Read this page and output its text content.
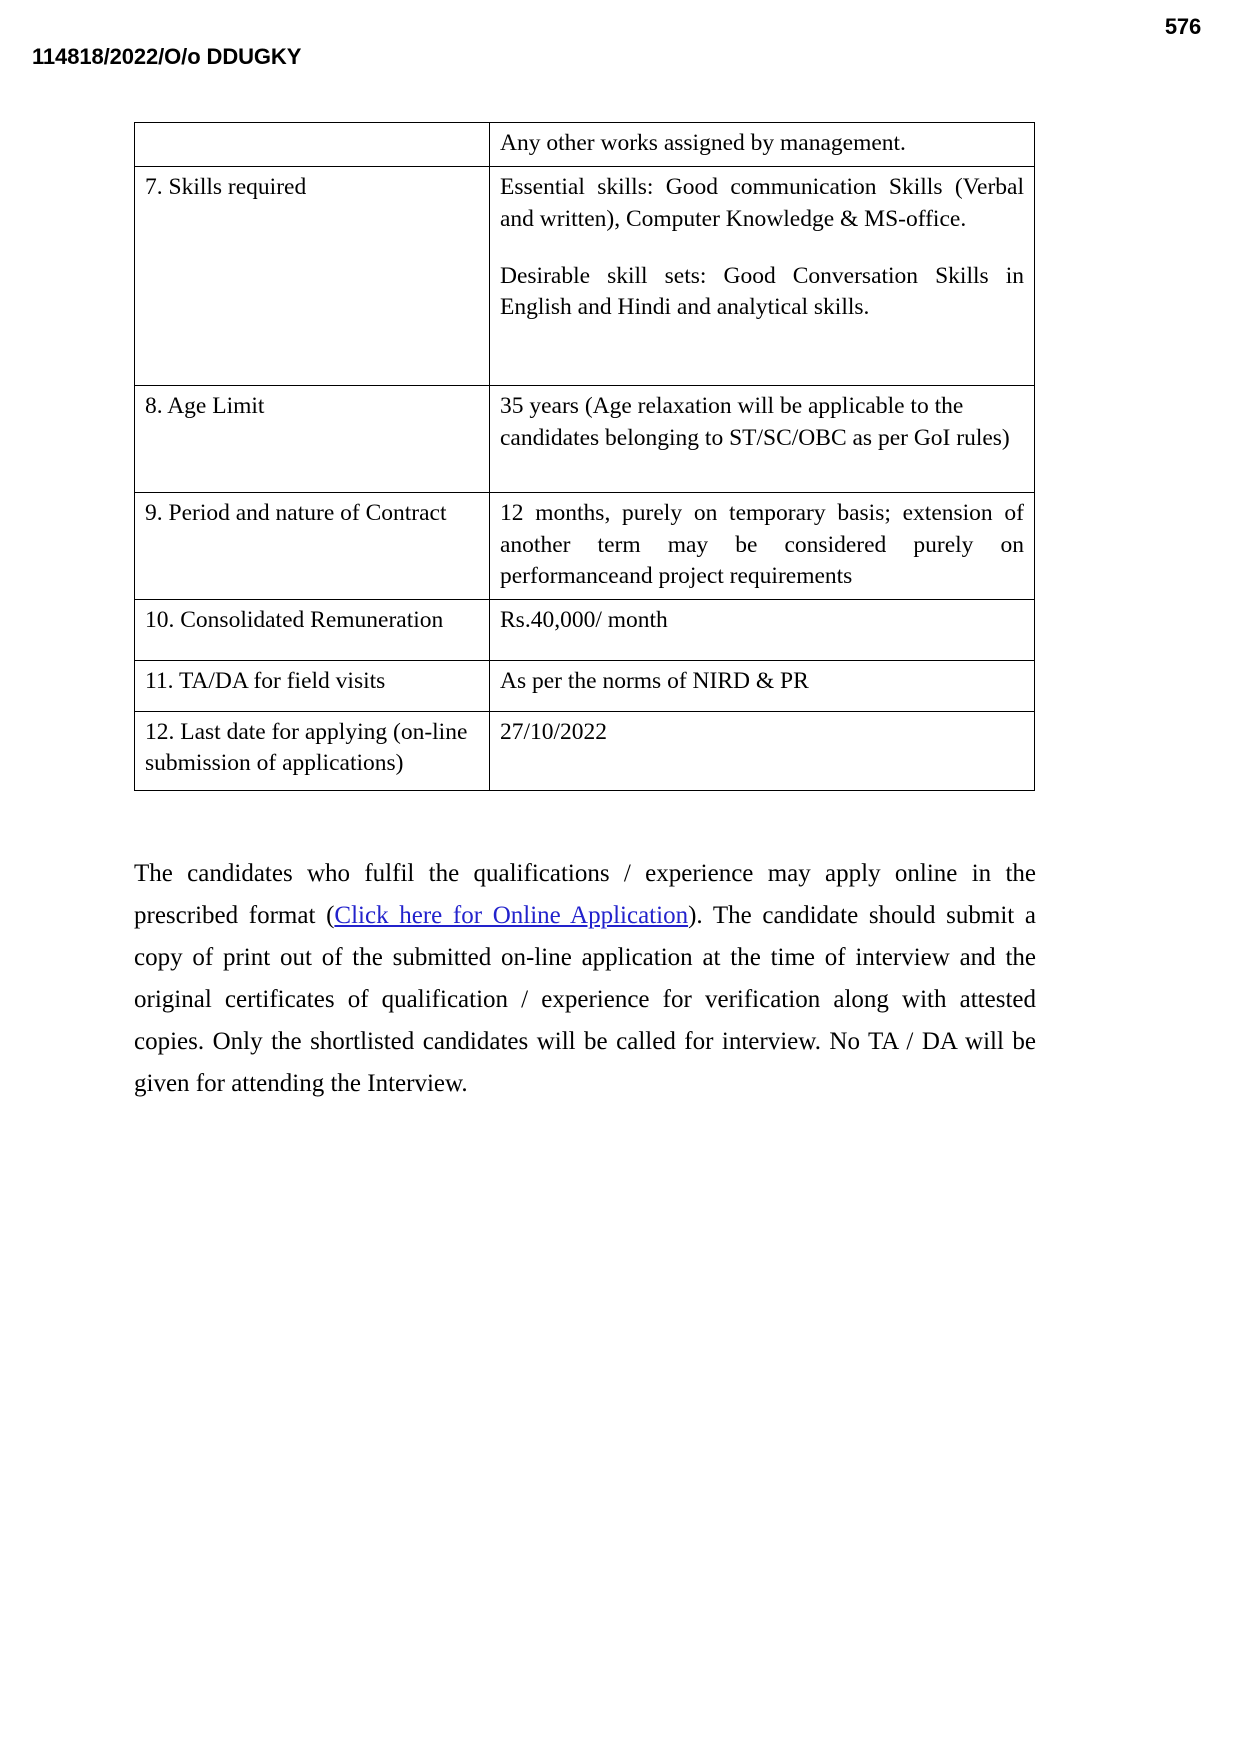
576
114818/2022/O/o DDUGKY
	Any other works assigned by management.
7. Skills required	Essential skills: Good communication Skills (Verbal and written), Computer Knowledge & MS-office.
Desirable skill sets: Good Conversation Skills in English and Hindi and analytical skills.

8. Age Limit	35 years (Age relaxation will be applicable to the candidates belonging to ST/SC/OBC as per GoI rules)
9. Period and nature of Contract	12 months, purely on temporary basis; extension of another term may be considered purely on performanceand project requirements
10. Consolidated Remuneration	Rs.40,000/ month
11. TA/DA for field visits	As per the norms of NIRD & PR
12. Last date for applying (on-line submission of applications)	27/10/2022

The candidates who fulfil the qualifications / experience may apply online in the prescribed format (Click here for Online Application). The candidate should submit a copy of print out of the submitted on-line application at the time of interview and the original certificates of qualification / experience for verification along with attested copies. Only the shortlisted candidates will be called for interview. No TA / DA will be given for attending the Interview.
